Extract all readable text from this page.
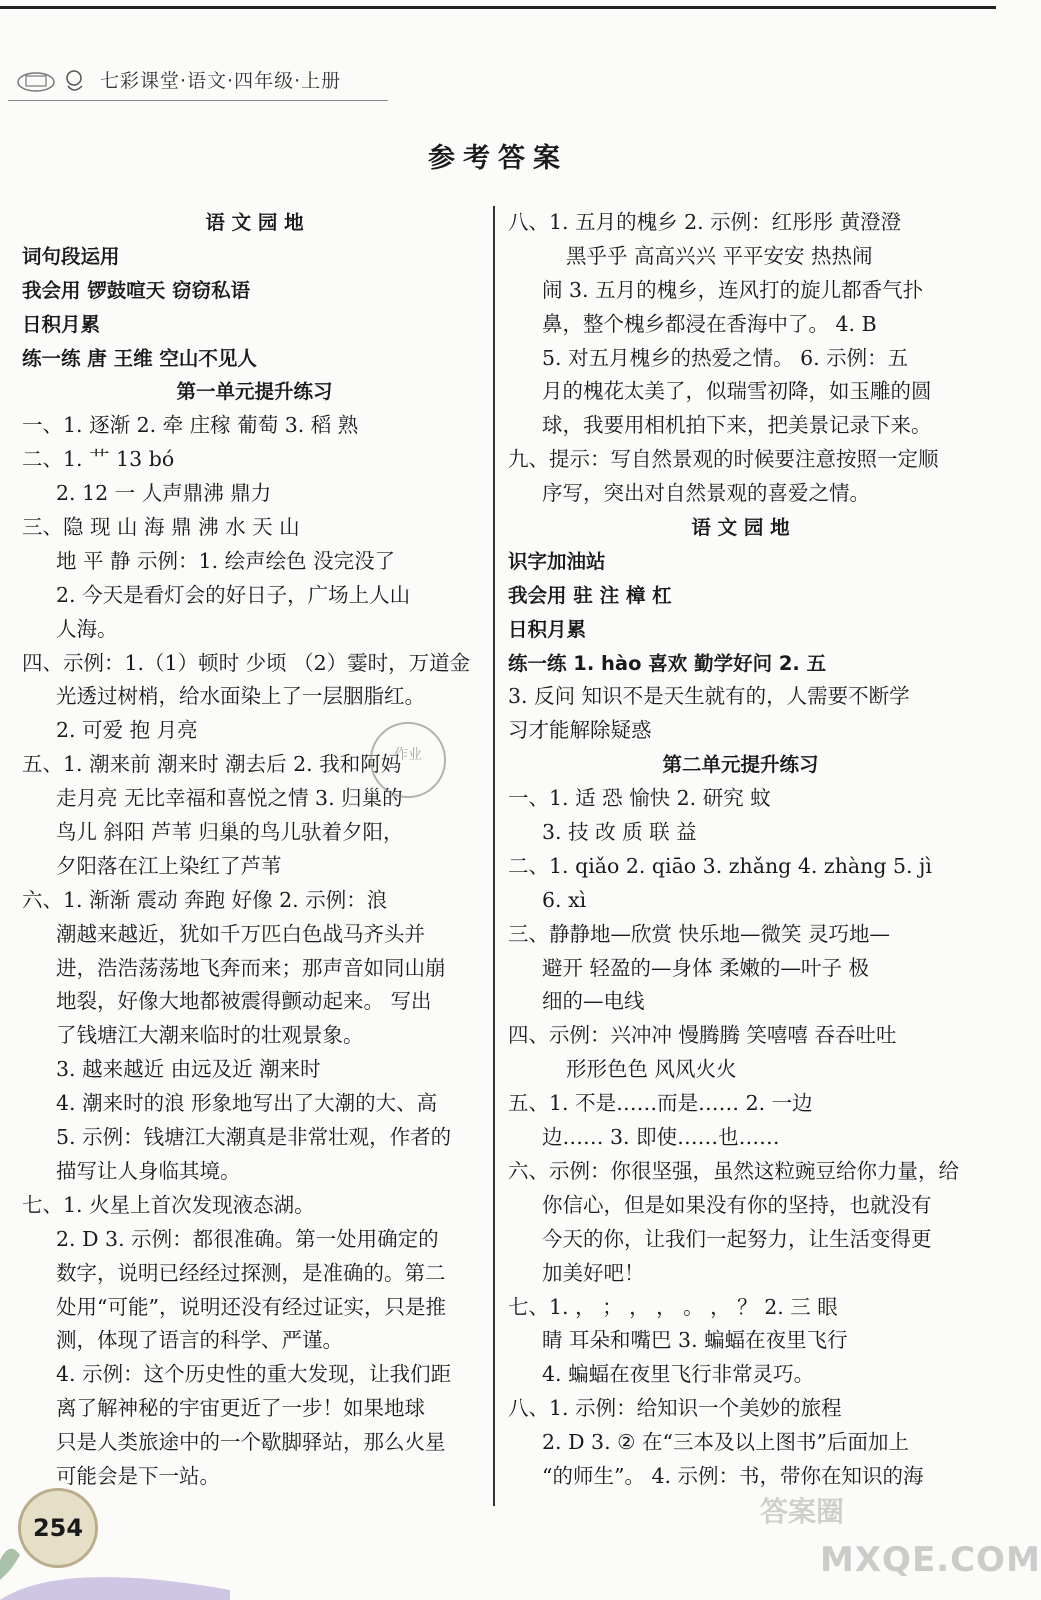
七彩课堂·语文·四年级·上册
参考答案
语 文 园 地
词句段运用
我会用 锣鼓喧天 窃窃私语
日积月累
练一练 唐 王维 空山不见人
第一单元提升练习
一、1. 逐渐 2. 牵 庄稼 葡萄 3. 稻 熟
二、1. 艹 13 bó
2. 12 一 人声鼎沸 鼎力
三、隐 现 山 海 鼎 沸 水 天 山
地 平 静 示例：1. 绘声绘色 没完没了
2. 今天是看灯会的好日子，广场上人山
人海。
四、示例：1.（1）顿时 少顷 （2）霎时，万道金
光透过树梢，给水面染上了一层胭脂红。
2. 可爱 抱 月亮
五、1. 潮来前 潮来时 潮去后 2. 我和阿妈
走月亮 无比幸福和喜悦之情 3. 归巢的
鸟儿 斜阳 芦苇 归巢的鸟儿驮着夕阳，
夕阳落在江上染红了芦苇
六、1. 渐渐 震动 奔跑 好像 2. 示例：浪
潮越来越近，犹如千万匹白色战马齐头并
进，浩浩荡荡地飞奔而来；那声音如同山崩
地裂，好像大地都被震得颤动起来。 写出
了钱塘江大潮来临时的壮观景象。
3. 越来越近 由远及近 潮来时
4. 潮来时的浪 形象地写出了大潮的大、高
5. 示例：钱塘江大潮真是非常壮观，作者的
描写让人身临其境。
七、1. 火星上首次发现液态湖。
2. D 3. 示例：都很准确。第一处用确定的
数字，说明已经经过探测，是准确的。第二
处用“可能”，说明还没有经过证实，只是推
测，体现了语言的科学、严谨。
4. 示例：这个历史性的重大发现，让我们距
离了解神秘的宇宙更近了一步！如果地球
只是人类旅途中的一个歇脚驿站，那么火星
可能会是下一站。
八、1. 五月的槐乡 2. 示例：红彤彤 黄澄澄
黑乎乎 高高兴兴 平平安安 热热闹
闹 3. 五月的槐乡，连风打的旋儿都香气扑
鼻，整个槐乡都浸在香海中了。 4. B
5. 对五月槐乡的热爱之情。 6. 示例：五
月的槐花太美了，似瑞雪初降，如玉雕的圆
球，我要用相机拍下来，把美景记录下来。
九、提示：写自然景观的时候要注意按照一定顺
序写，突出对自然景观的喜爱之情。
语 文 园 地
识字加油站
我会用 驻 注 樟 杠
日积月累
练一练 1. hào 喜欢 勤学好问 2. 五
3. 反问 知识不是天生就有的，人需要不断学
习才能解除疑惑
第二单元提升练习
一、1. 适 恐 愉快 2. 研究 蚊
3. 技 改 质 联 益
二、1. qiǎo 2. qiāo 3. zhǎng 4. zhàng 5. jì
6. xì
三、静静地—欣赏 快乐地—微笑 灵巧地—
避开 轻盈的—身体 柔嫩的—叶子 极
细的—电线
四、示例：兴冲冲 慢腾腾 笑嘻嘻 吞吞吐吐
形形色色 风风火火
五、1. 不是……而是…… 2. 一边
边…… 3. 即使……也……
六、示例：你很坚强，虽然这粒豌豆给你力量，给
你信心，但是如果没有你的坚持，也就没有
今天的你，让我们一起努力，让生活变得更
加美好吧！
七、1. ， ； ， ， 。 ， ？ 2. 三 眼
睛 耳朵和嘴巴 3. 蝙蝠在夜里飞行
4. 蝙蝠在夜里飞行非常灵巧。
八、1. 示例：给知识一个美妙的旅程
2. D 3. ② 在“三本及以上图书”后面加上
“的师生”。 4. 示例：书，带你在知识的海
作业
254	答案圈
MXQE.COM
